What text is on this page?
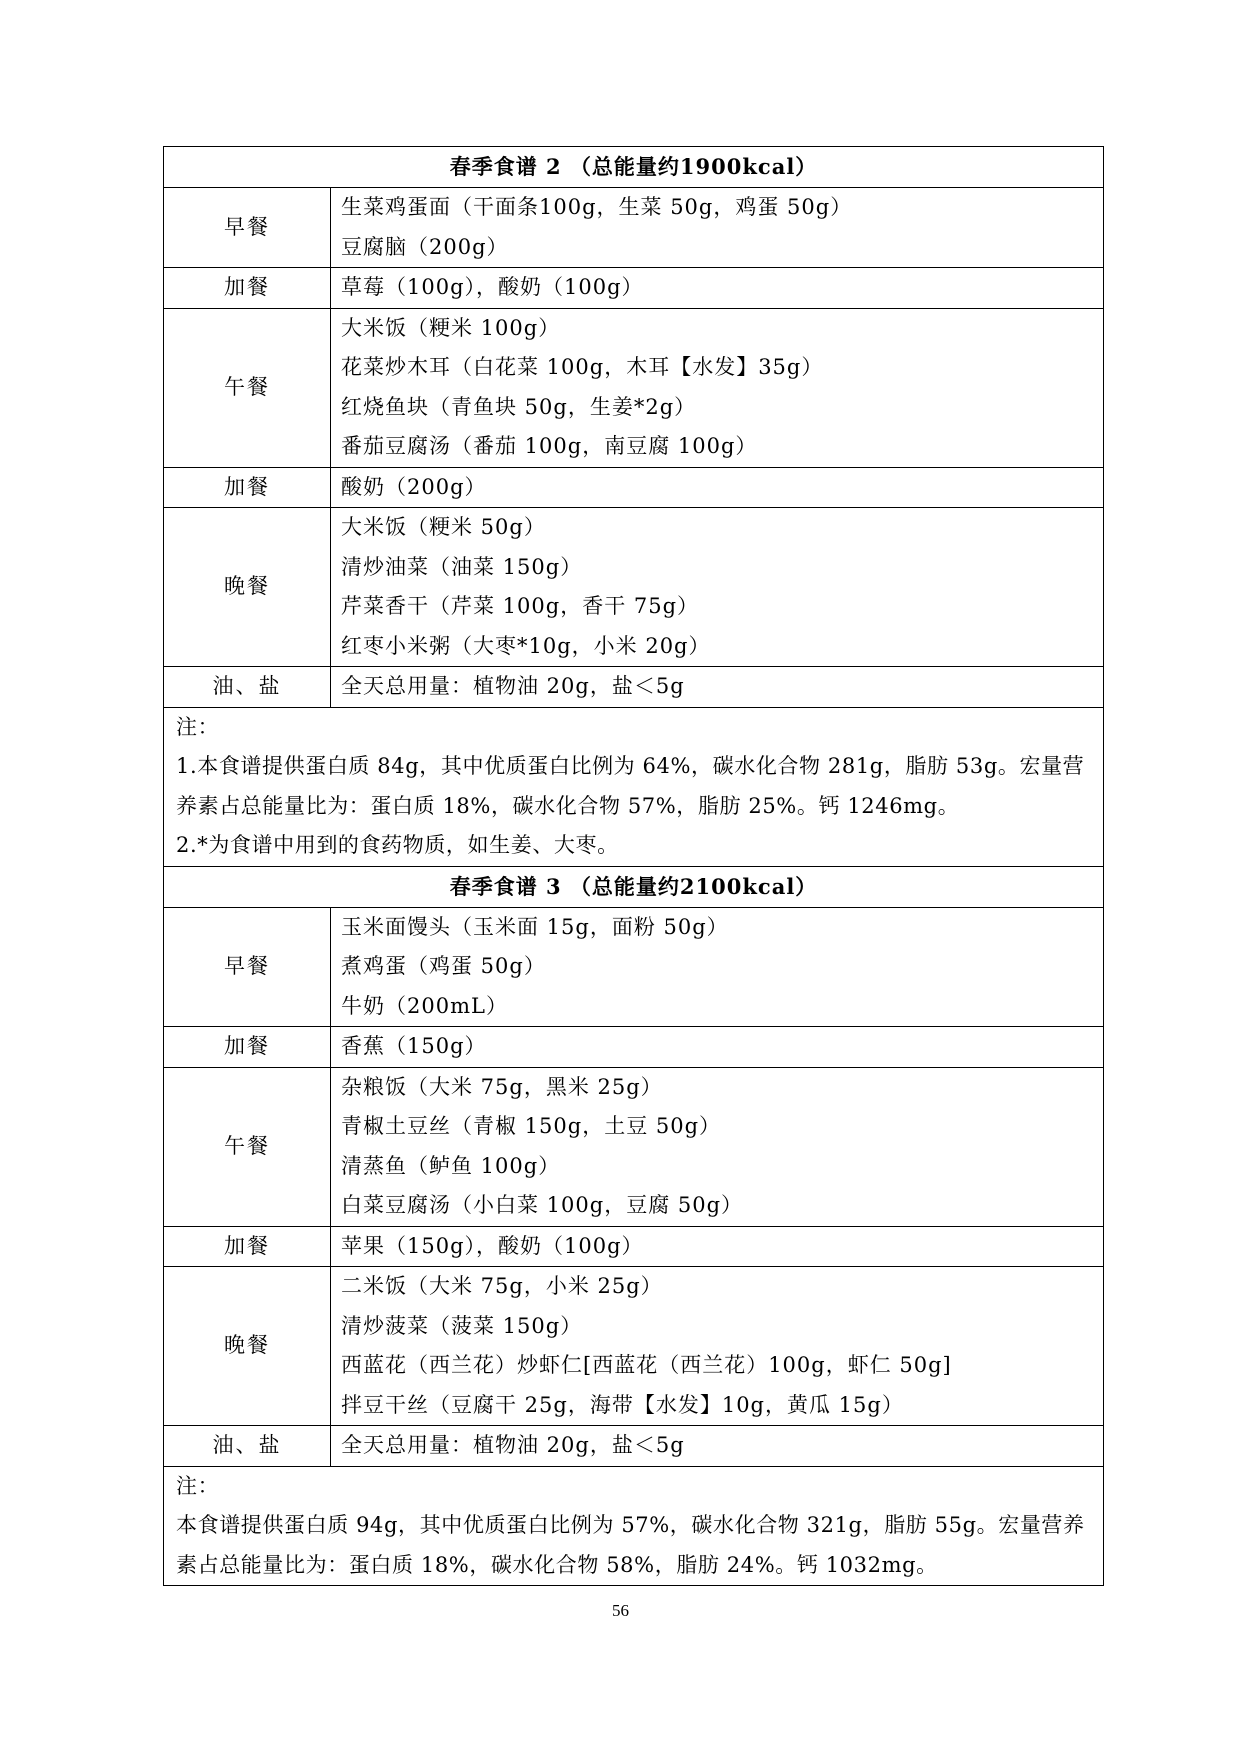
春季食谱 2 （总能量约1900kcal）	
早餐	生菜鸡蛋面（干面条100g，生菜 50g，鸡蛋 50g）
豆腐脑（200g）

加餐	草莓（100g），酸奶（100g）

午餐	大米饭（粳米 100g）
花菜炒木耳（白花菜 100g，木耳【水发】35g）
红烧鱼块（青鱼块 50g，生姜*2g）
番茄豆腐汤（番茄 100g，南豆腐 100g）

加餐	酸奶（200g）

晚餐	大米饭（粳米 50g）
清炒油菜（油菜 150g）
芹菜香干（芹菜 100g，香干 75g）
红枣小米粥（大枣*10g，小米 20g）

油、盐	全天总用量：植物油 20g，盐＜5g

注：
1.本食谱提供蛋白质 84g，其中优质蛋白比例为 64%，碳水化合物 281g，脂肪 53g。宏量营养素占总能量比为：蛋白质 18%，碳水化合物 57%，脂肪 25%。钙 1246mg。
2.*为食谱中用到的食药物质，如生姜、大枣。	

春季食谱 3 （总能量约2100kcal）	
早餐	玉米面馒头（玉米面 15g，面粉 50g）
煮鸡蛋（鸡蛋 50g）
牛奶（200mL）

加餐	香蕉（150g）

午餐	杂粮饭（大米 75g，黑米 25g）
青椒土豆丝（青椒 150g，土豆 50g）
清蒸鱼（鲈鱼 100g）
白菜豆腐汤（小白菜 100g，豆腐 50g）

加餐	苹果（150g），酸奶（100g）

晚餐	二米饭（大米 75g，小米 25g）
清炒菠菜（菠菜 150g）
西蓝花（西兰花）炒虾仁[西蓝花（西兰花）100g，虾仁 50g]
拌豆干丝（豆腐干 25g，海带【水发】10g，黄瓜 15g）

油、盐	全天总用量：植物油 20g，盐＜5g

注：
本食谱提供蛋白质 94g，其中优质蛋白比例为 57%，碳水化合物 321g，脂肪 55g。宏量营养素占总能量比为：蛋白质 18%，碳水化合物 58%，脂肪 24%。钙 1032mg。	
56
